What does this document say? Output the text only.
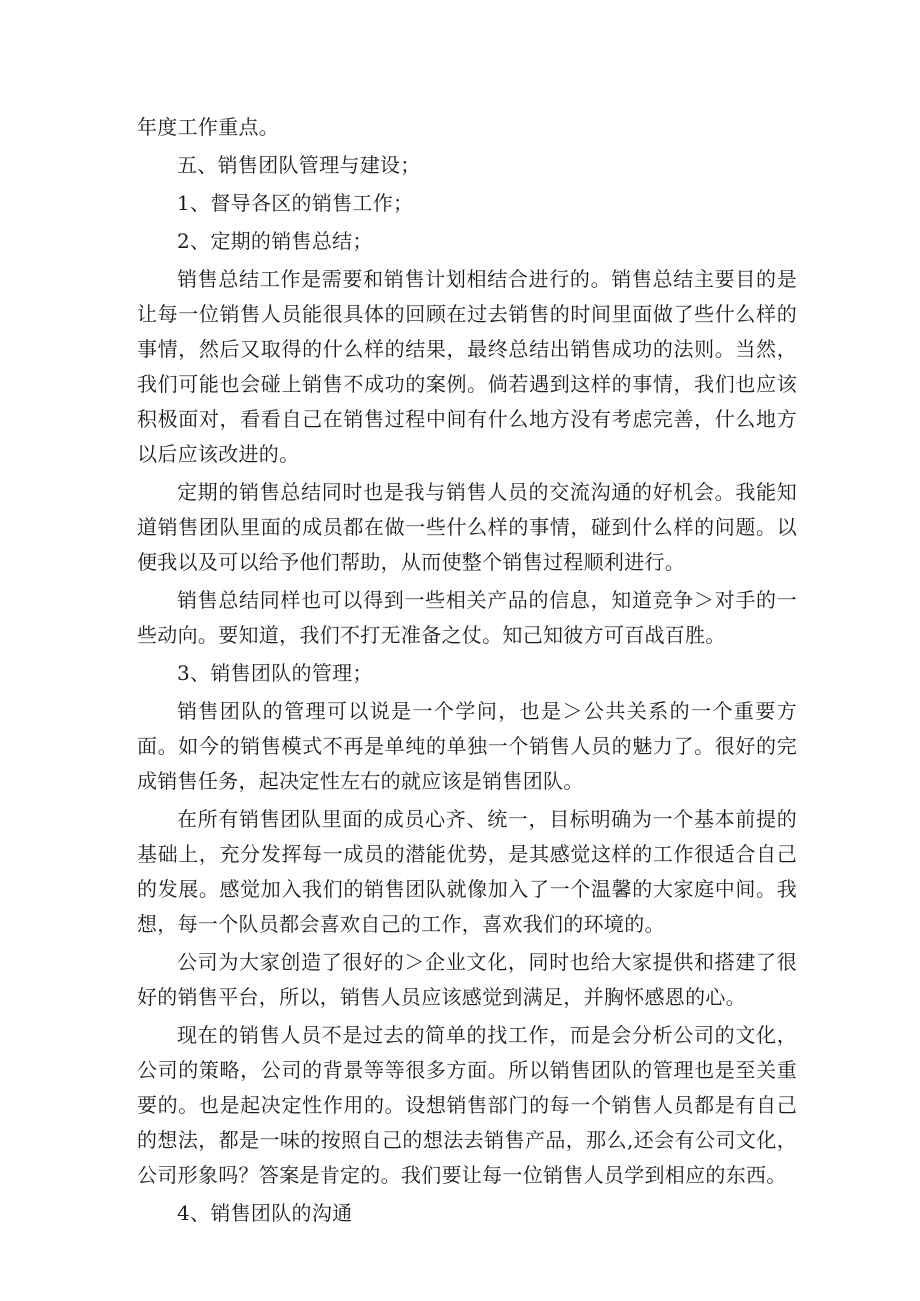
年度工作重点。

五、销售团队管理与建设；

1、督导各区的销售工作；

2、定期的销售总结；

销售总结工作是需要和销售计划相结合进行的。销售总结主要目的是让每一位销售人员能很具体的回顾在过去销售的时间里面做了些什么样的事情，然后又取得的什么样的结果，最终总结出销售成功的法则。当然，我们可能也会碰上销售不成功的案例。倘若遇到这样的事情，我们也应该积极面对，看看自己在销售过程中间有什么地方没有考虑完善，什么地方以后应该改进的。

定期的销售总结同时也是我与销售人员的交流沟通的好机会。我能知道销售团队里面的成员都在做一些什么样的事情，碰到什么样的问题。以便我以及可以给予他们帮助，从而使整个销售过程顺利进行。

销售总结同样也可以得到一些相关产品的信息，知道竞争＞对手的一些动向。要知道，我们不打无准备之仗。知己知彼方可百战百胜。

3、销售团队的管理；

销售团队的管理可以说是一个学问，也是＞公共关系的一个重要方面。如今的销售模式不再是单纯的单独一个销售人员的魅力了。很好的完成销售任务，起决定性左右的就应该是销售团队。

在所有销售团队里面的成员心齐、统一，目标明确为一个基本前提的基础上，充分发挥每一成员的潜能优势，是其感觉这样的工作很适合自己的发展。感觉加入我们的销售团队就像加入了一个温馨的大家庭中间。我想，每一个队员都会喜欢自己的工作，喜欢我们的环境的。

公司为大家创造了很好的＞企业文化，同时也给大家提供和搭建了很好的销售平台，所以，销售人员应该感觉到满足，并胸怀感恩的心。

现在的销售人员不是过去的简单的找工作，而是会分析公司的文化，公司的策略，公司的背景等等很多方面。所以销售团队的管理也是至关重要的。也是起决定性作用的。设想销售部门的每一个销售人员都是有自己的想法，都是一味的按照自己的想法去销售产品，那么,还会有公司文化，公司形象吗？答案是肯定的。我们要让每一位销售人员学到相应的东西。

4、销售团队的沟通
